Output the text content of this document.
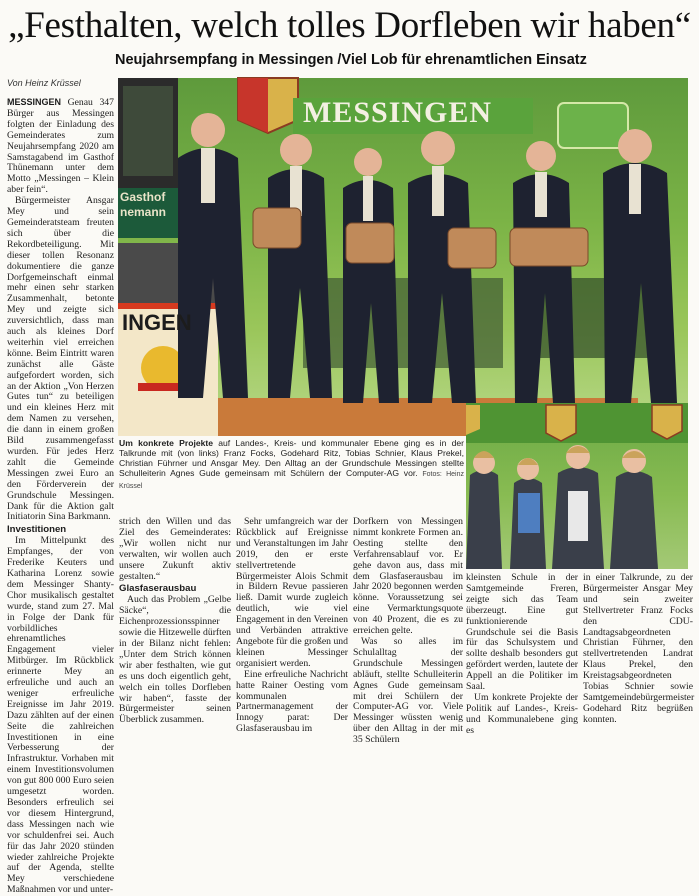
„Festhalten, welch tolles Dorfleben wir haben“
Neujahrsempfang in Messingen /Viel Lob für ehrenamtlichen Einsatz
Von Heinz Krüssel

MESSINGEN Genau 347 Bürger aus Messingen folgten der Einladung des Gemeinderates zum Neujahrsempfang 2020 am Samstagabend im Gasthof Thünemann unter dem Motto „Messingen – Klein aber fein“.

Bürgermeister Ansgar Mey und sein Gemeinderatsteam freuten sich über die Rekordbeteiligung. Mit dieser tollen Resonanz dokumentiere die ganze Dorfgemeinschaft einmal mehr einen sehr starken Zusammenhalt, betonte Mey und zeigte sich zuversichtlich, dass man auch als kleines Dorf weiterhin viel erreichen könne. Beim Eintritt waren zunächst alle Gäste aufgefordert worden, sich an der Aktion „Von Herzen Gutes tun“ zu beteiligen und ein kleines Herz mit dem Namen zu versehen, die dann in einem großen Bild zusammengefasst wurden. Für jedes Herz zahlt die Gemeinde Messingen zwei Euro an den Förderverein der Grundschule Messingen. Dank für die Aktion galt Initiatorin Sina Barkmann.

Investitionen

Im Mittelpunkt des Empfanges, der von Frederike Keuters und Katharina Lorenz sowie dem Messinger Shanty-Chor musikalisch gestaltet wurde, stand zum 27. Mal in Folge der Dank für vorbildliches ehrenamtliches Engagement vieler Mitbürger. Im Rückblick erinnerte Mey an erfreuliche und auch an weniger erfreuliche Ereignisse im Jahr 2019. Dazu zählten auf der einen Seite die zahlreichen Investitionen in eine Verbesserung der Infrastruktur. Vorhaben mit einem Investitionsvolumen von gut 800 000 Euro seien umgesetzt worden. Besonders erfreulich sei vor diesem Hintergrund, dass Messingen nach wie vor schuldenfrei sei. Auch für das Jahr 2020 stünden wieder zahlreiche Projekte auf der Agenda, stellte Mey verschiedene Maßnahmen vor und unter-

MESSINGEN
Gasthof
nemann
INGEN
Um konkrete Projekte auf Landes-, Kreis- und kommunaler Ebene ging es in der Talkrunde mit (von links) Franz Focks, Godehard Ritz, Tobias Schnier, Klaus Prekel, Christian Führner und Ansgar Mey. Den Alltag an der Grundschule Messingen stellte Schulleiterin Agnes Gude gemeinsam mit Schülern der Computer-AG vor. Fotos: Heinz Krüssel

strich den Willen und das Ziel des Gemeinderates: „Wir wollen nicht nur verwalten, wir wollen auch unsere Zukunft aktiv gestalten.“

Glasfaserausbau

Auch das Problem „Gelbe Säcke“, die Eichenprozessionsspinner sowie die Hitzewelle dürften in der Bilanz nicht fehlen: „Unter dem Strich können wir aber festhalten, wie gut es uns doch eigentlich geht, welch ein tolles Dorfleben wir haben“, fasste der Bürgermeister seinen Überblick zusammen.

Sehr umfangreich war der Rückblick auf Ereignisse und Veranstaltungen im Jahr 2019, den er erste stellvertretende Bürgermeister Alois Schmit in Bildern Revue passieren ließ. Damit wurde zugleich deutlich, wie viel Engagement in den Vereinen und Verbänden attraktive Angebote für die großen und kleinen Messinger organisiert werden.

Eine erfreuliche Nachricht hatte Rainer Oesting vom kommunalen Partnermanagement der Innogy parat: Der Glasfaserausbau im

Dorfkern von Messingen nimmt konkrete Formen an. Oesting stellte den Verfahrensablauf vor. Er gehe davon aus, dass mit dem Glasfaserausbau im Jahr 2020 begonnen werden könne. Voraussetzung sei eine Vermarktungsquote von 40 Prozent, die es zu erreichen gelte.

Was so alles im Schulalltag der Grundschule Messingen abläuft, stellte Schulleiterin Agnes Gude gemeinsam mit drei Schülern der Computer-AG vor. Viele Messinger wüssten wenig über den Alltag in der mit 35 Schülern

kleinsten Schule in der Samtgemeinde Freren, zeigte sich das Team überzeugt. Eine gut funktionierende Grundschule sei die Basis für das Schulsystem und sollte deshalb besonders gut gefördert werden, lautete der Appell an die Politiker im Saal.

Um konkrete Projekte der Politik auf Landes-, Kreis- und Kommunalebene ging es

in einer Talkrunde, zu der Bürgermeister Ansgar Mey und sein zweiter Stellvertreter Franz Focks den CDU-Landtagsabgeordneten Christian Führner, den stellvertretenden Landrat Klaus Prekel, den Kreistagsabgeordneten Tobias Schnier sowie Samtgemeindebürgermeister Godehard Ritz begrüßen konnten.
